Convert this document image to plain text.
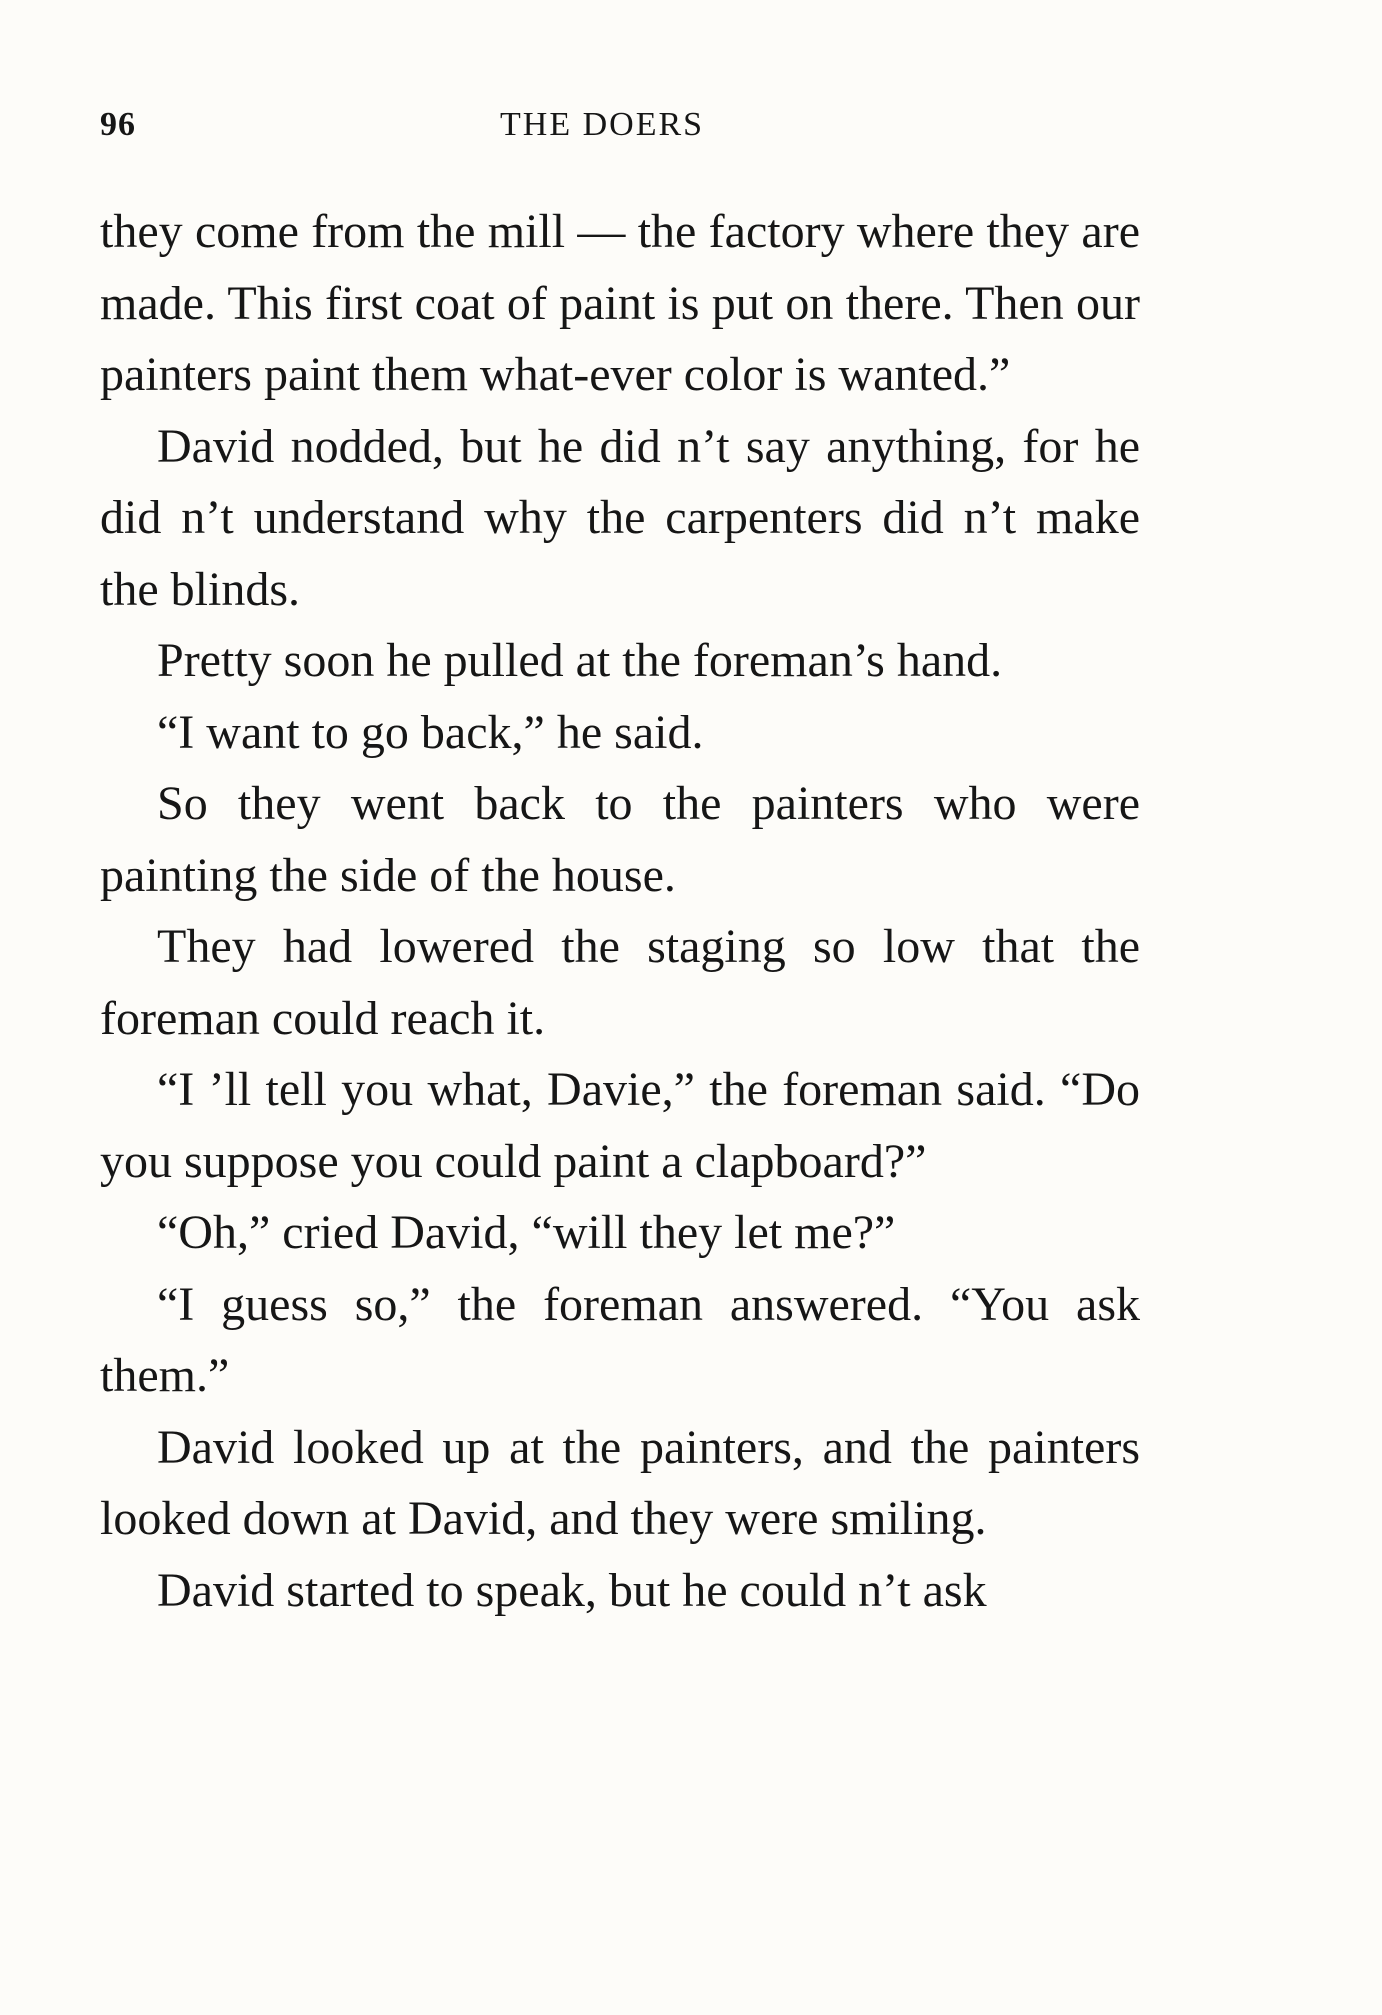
96	THE DOERS

they come from the mill — the factory where they are made. This first coat of paint is put on there. Then our painters paint them what-ever color is wanted.”

David nodded, but he did n’t say anything, for he did n’t understand why the carpenters did n’t make the blinds.

Pretty soon he pulled at the foreman’s hand.

“I want to go back,” he said.

So they went back to the painters who were painting the side of the house.

They had lowered the staging so low that the foreman could reach it.

“I ’ll tell you what, Davie,” the foreman said. “Do you suppose you could paint a clapboard?”

“Oh,” cried David, “will they let me?”

“I guess so,” the foreman answered. “You ask them.”

David looked up at the painters, and the painters looked down at David, and they were smiling.

David started to speak, but he could n’t ask
